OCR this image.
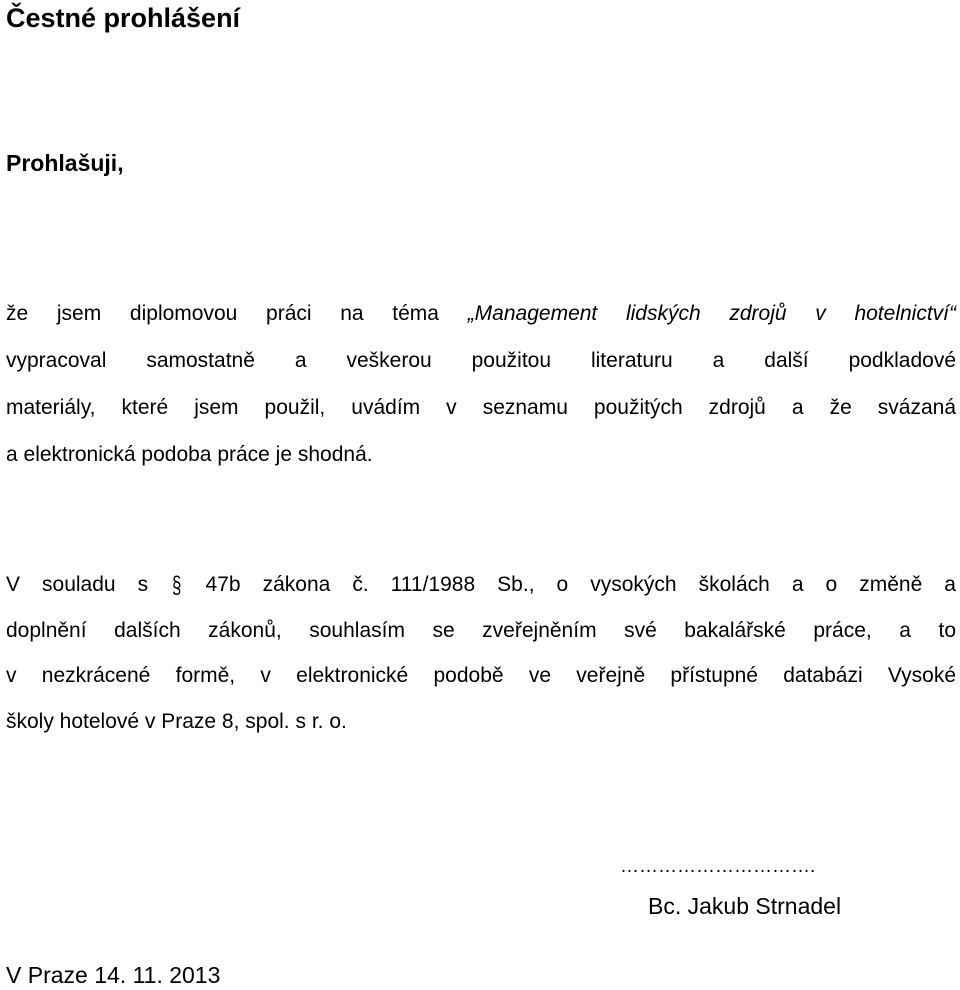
Čestné prohlášení
Prohlašuji,
že jsem diplomovou práci na téma „Management lidských zdrojů v hotelnictví“
vypracoval samostatně a veškerou použitou literaturu a další podkladové
materiály, které jsem použil, uvádím v seznamu použitých zdrojů a že svázaná
a elektronická podoba práce je shodná.
V souladu s § 47b zákona č. 111/1988 Sb., o vysokých školách a o změně a
doplnění dalších zákonů, souhlasím se zveřejněním své bakalářské práce, a to
v nezkrácené formě, v elektronické podobě ve veřejně přístupné databázi Vysoké
školy hotelové v Praze 8, spol. s r. o.
………………………….
Bc. Jakub Strnadel
V Praze 14. 11. 2013
